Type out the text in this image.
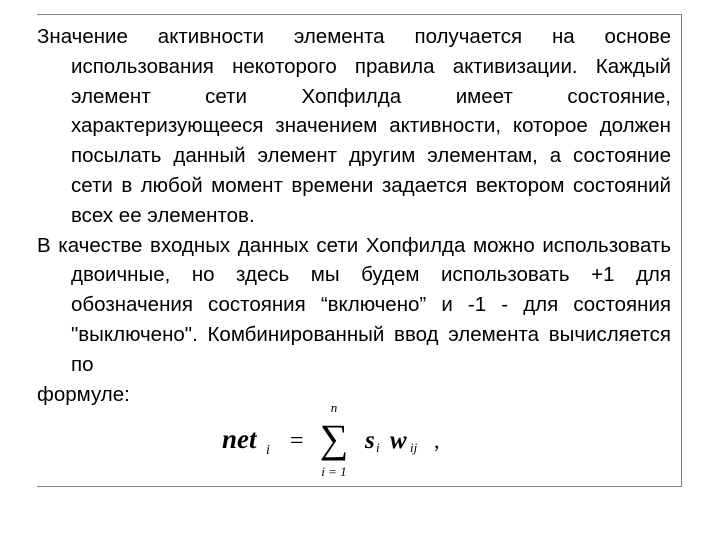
Значение активности элемента получается на основе использования некоторого правила активизации. Каждый элемент сети Хопфилда имеет состояние, характеризующееся значением активности, которое должен посылать данный элемент другим элементам, а состояние сети в любой момент времени задается вектором состояний всех ее элементов.

В качестве входных данных сети Хопфилда можно использовать двоичные, но здесь мы будем использовать +1 для обозначения состояния “включено” и -1 - для состояния "выключено". Комбинированный ввод элемента вычисляется по
формуле:

net i =
n
∑
i = 1
s i w ij ,
